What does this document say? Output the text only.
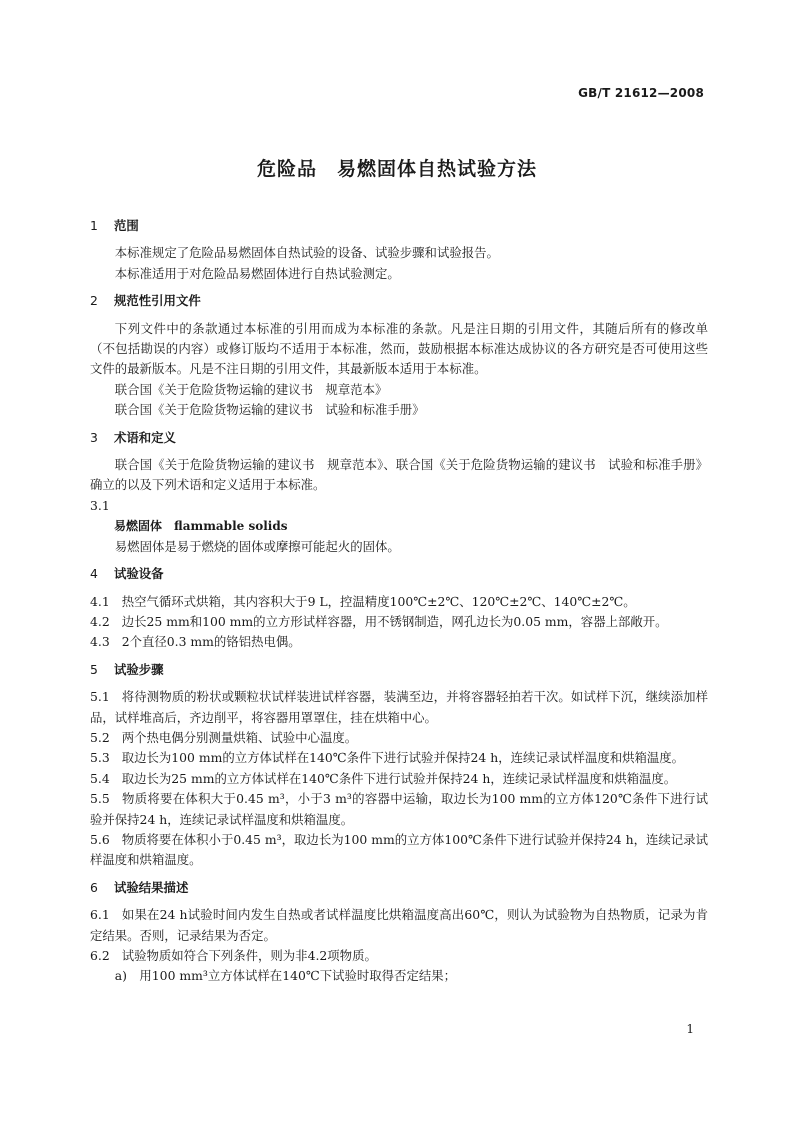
GB/T 21612—2008
危险品　易燃固体自热试验方法
1 范围

本标准规定了危险品易燃固体自热试验的设备、试验步骤和试验报告。

本标准适用于对危险品易燃固体进行自热试验测定。

2 规范性引用文件

下列文件中的条款通过本标准的引用而成为本标准的条款。凡是注日期的引用文件，其随后所有的修改单（不包括勘误的内容）或修订版均不适用于本标准，然而，鼓励根据本标准达成协议的各方研究是否可使用这些文件的最新版本。凡是不注日期的引用文件，其最新版本适用于本标准。

联合国《关于危险货物运输的建议书　规章范本》

联合国《关于危险货物运输的建议书　试验和标准手册》

3 术语和定义

联合国《关于危险货物运输的建议书　规章范本》、联合国《关于危险货物运输的建议书　试验和标准手册》确立的以及下列术语和定义适用于本标准。

3.1

易燃固体 flammable solids

易燃固体是易于燃烧的固体或摩擦可能起火的固体。

4 试验设备

4.1 热空气循环式烘箱，其内容积大于9 L，控温精度100℃±2℃、120℃±2℃、140℃±2℃。

4.2 边长25 mm和100 mm的立方形试样容器，用不锈钢制造，网孔边长为0.05 mm，容器上部敞开。

4.3 2个直径0.3 mm的铬铝热电偶。

5 试验步骤

5.1 将待测物质的粉状或颗粒状试样装进试样容器，装满至边，并将容器轻拍若干次。如试样下沉，继续添加样品，试样堆高后，齐边削平，将容器用罩罩住，挂在烘箱中心。

5.2 两个热电偶分别测量烘箱、试验中心温度。

5.3 取边长为100 mm的立方体试样在140℃条件下进行试验并保持24 h，连续记录试样温度和烘箱温度。

5.4 取边长为25 mm的立方体试样在140℃条件下进行试验并保持24 h，连续记录试样温度和烘箱温度。

5.5 物质将要在体积大于0.45 m³，小于3 m³的容器中运输，取边长为100 mm的立方体120℃条件下进行试验并保持24 h，连续记录试样温度和烘箱温度。

5.6 物质将要在体积小于0.45 m³，取边长为100 mm的立方体100℃条件下进行试验并保持24 h，连续记录试样温度和烘箱温度。

6 试验结果描述

6.1 如果在24 h试验时间内发生自热或者试样温度比烘箱温度高出60℃，则认为试验物为自热物质，记录为肯定结果。否则，记录结果为否定。

6.2 试验物质如符合下列条件，则为非4.2项物质。

a)　用100 mm³立方体试样在140℃下试验时取得否定结果；

1
